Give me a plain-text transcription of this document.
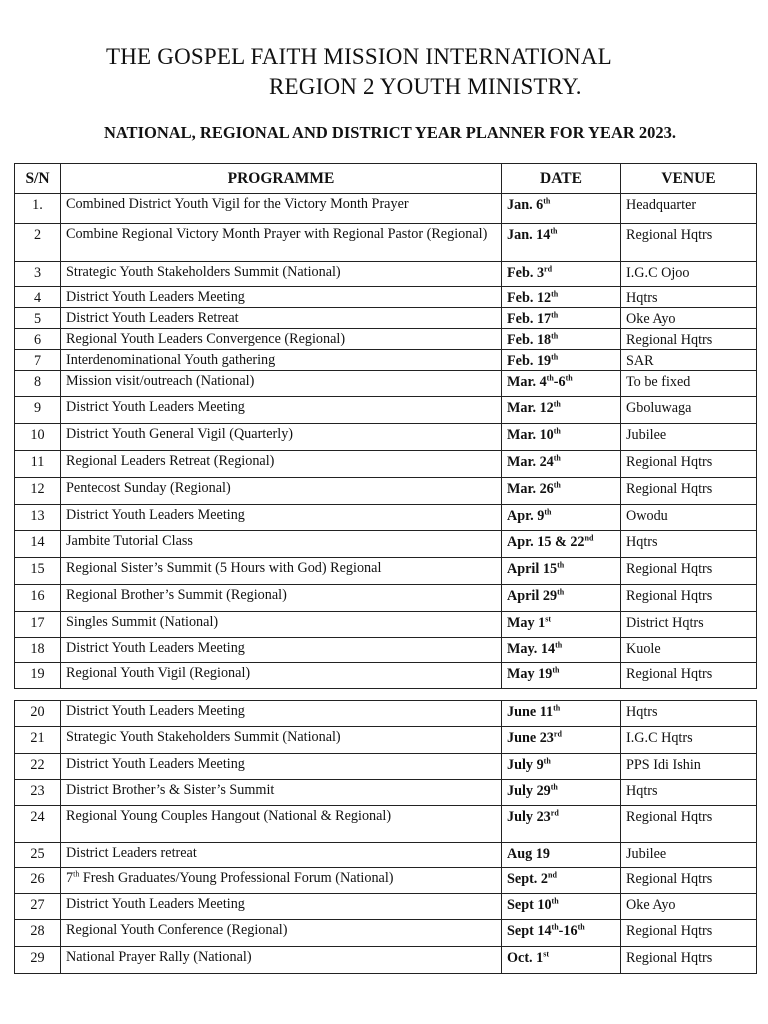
THE GOSPEL FAITH MISSION INTERNATIONAL
REGION 2 YOUTH MINISTRY.
NATIONAL, REGIONAL AND DISTRICT YEAR PLANNER FOR YEAR 2023.
S/N	PROGRAMME	DATE	VENUE
1.	Combined District Youth Vigil for the Victory Month Prayer	Jan. 6th	Headquarter
2	Combine Regional Victory Month Prayer with Regional Pastor (Regional)	Jan. 14th	Regional Hqtrs
3	Strategic Youth Stakeholders Summit (National)	Feb. 3rd	I.G.C Ojoo
4	District Youth Leaders Meeting	Feb. 12th	Hqtrs
5	District Youth Leaders Retreat	Feb. 17th	Oke Ayo
6	Regional Youth Leaders Convergence (Regional)	Feb. 18th	Regional Hqtrs
7	Interdenominational Youth gathering	Feb. 19th	SAR
8	Mission visit/outreach (National)	Mar. 4th-6th	To be fixed
9	District Youth Leaders Meeting	Mar. 12th	Gboluwaga
10	District Youth General Vigil (Quarterly)	Mar. 10th	Jubilee
11	Regional Leaders Retreat (Regional)	Mar. 24th	Regional Hqtrs
12	Pentecost Sunday (Regional)	Mar. 26th	Regional Hqtrs
13	District Youth Leaders Meeting	Apr. 9th	Owodu
14	Jambite Tutorial Class	Apr. 15 & 22nd	Hqtrs
15	Regional Sister’s Summit (5 Hours with God) Regional	April 15th	Regional Hqtrs
16	Regional Brother’s Summit (Regional)	April 29th	Regional Hqtrs
17	Singles Summit (National)	May 1st	District Hqtrs
18	District Youth Leaders Meeting	May. 14th	Kuole
19	Regional Youth Vigil (Regional)	May 19th	Regional Hqtrs
20	District Youth Leaders Meeting	June 11th	Hqtrs
21	Strategic Youth Stakeholders Summit (National)	June 23rd	I.G.C Hqtrs
22	District Youth Leaders Meeting	July 9th	PPS Idi Ishin
23	District Brother’s & Sister’s Summit	July 29th	Hqtrs
24	Regional Young Couples Hangout (National & Regional)	July 23rd	Regional Hqtrs
25	District Leaders retreat	Aug 19	Jubilee
26	7th Fresh Graduates/Young Professional Forum (National)	Sept. 2nd	Regional Hqtrs
27	District Youth Leaders Meeting	Sept 10th	Oke Ayo
28	Regional Youth Conference (Regional)	Sept 14th-16th	Regional Hqtrs
29	National Prayer Rally (National)	Oct. 1st	Regional Hqtrs
